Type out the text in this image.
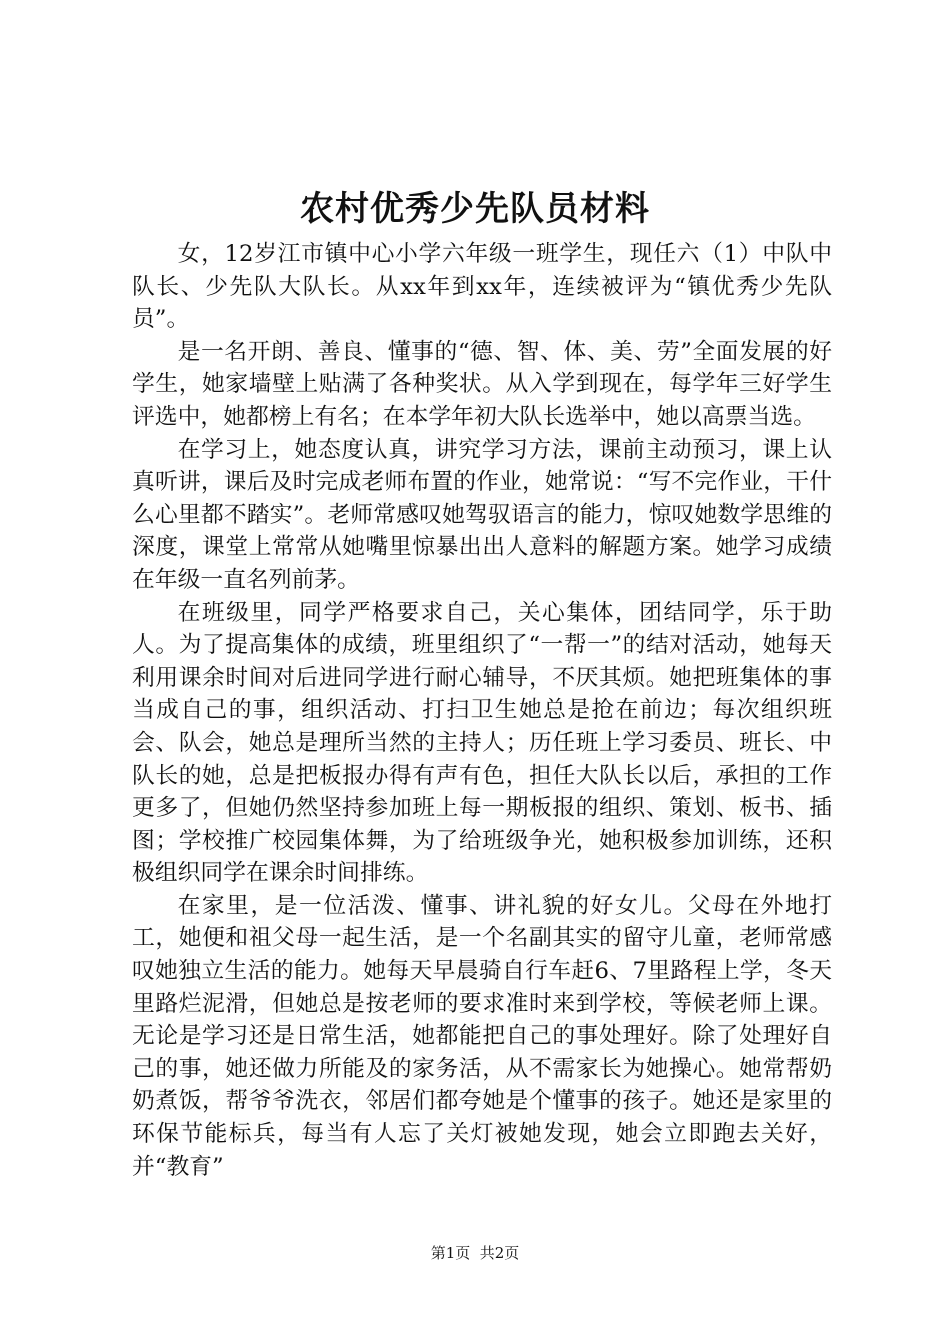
农村优秀少先队员材料

女，12岁江市镇中心小学六年级一班学生，现任六（1）中队中队长、少先队大队长。从xx年到xx年，连续被评为“镇优秀少先队员”。

是一名开朗、善良、懂事的“德、智、体、美、劳”全面发展的好学生，她家墙壁上贴满了各种奖状。从入学到现在，每学年三好学生评选中，她都榜上有名；在本学年初大队长选举中，她以高票当选。

在学习上，她态度认真，讲究学习方法，课前主动预习，课上认真听讲，课后及时完成老师布置的作业，她常说：“写不完作业，干什么心里都不踏实”。老师常感叹她驾驭语言的能力，惊叹她数学思维的深度，课堂上常常从她嘴里惊暴出出人意料的解题方案。她学习成绩在年级一直名列前茅。

在班级里，同学严格要求自己，关心集体，团结同学，乐于助人。为了提高集体的成绩，班里组织了“一帮一”的结对活动，她每天利用课余时间对后进同学进行耐心辅导，不厌其烦。她把班集体的事当成自己的事，组织活动、打扫卫生她总是抢在前边；每次组织班会、队会，她总是理所当然的主持人；历任班上学习委员、班长、中队长的她，总是把板报办得有声有色，担任大队长以后，承担的工作更多了，但她仍然坚持参加班上每一期板报的组织、策划、板书、插图；学校推广校园集体舞，为了给班级争光，她积极参加训练，还积极组织同学在课余时间排练。

在家里，是一位活泼、懂事、讲礼貌的好女儿。父母在外地打工，她便和祖父母一起生活，是一个名副其实的留守儿童，老师常感叹她独立生活的能力。她每天早晨骑自行车赶6、7里路程上学，冬天里路烂泥滑，但她总是按老师的要求准时来到学校，等候老师上课。无论是学习还是日常生活，她都能把自己的事处理好。除了处理好自己的事，她还做力所能及的家务活，从不需家长为她操心。她常帮奶奶煮饭，帮爷爷洗衣，邻居们都夸她是个懂事的孩子。她还是家里的环保节能标兵，每当有人忘了关灯被她发现，她会立即跑去关好，并“教育”

第1页  共2页
